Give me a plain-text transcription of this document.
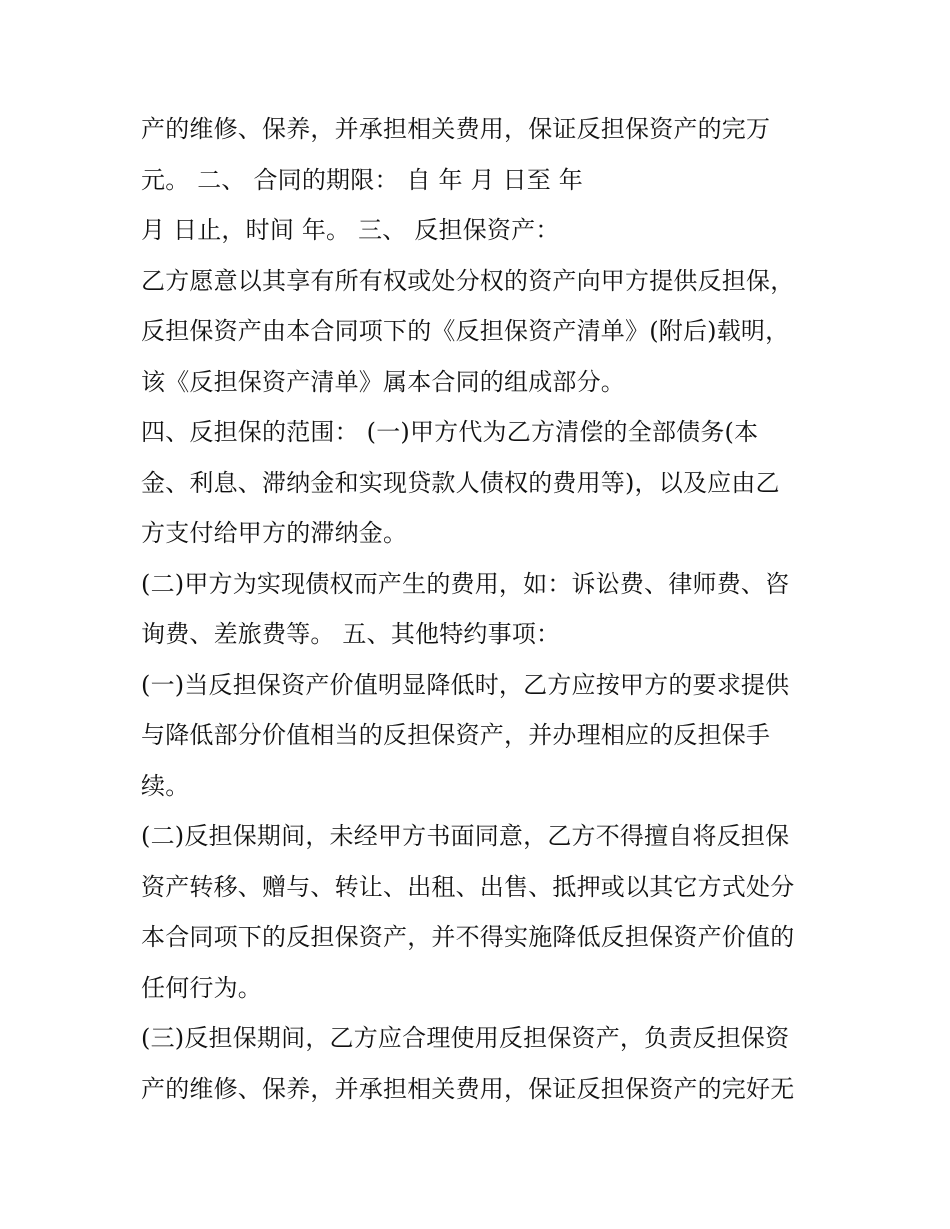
产的维修、保养，并承担相关费用，保证反担保资产的完万
元。 二、 合同的期限： 自 年 月 日至 年
月 日止，时间 年。 三、 反担保资产：
乙方愿意以其享有所有权或处分权的资产向甲方提供反担保，
反担保资产由本合同项下的《反担保资产清单》(附后)载明，
该《反担保资产清单》属本合同的组成部分。
四、反担保的范围： (一)甲方代为乙方清偿的全部债务(本
金、利息、滞纳金和实现贷款人债权的费用等)，以及应由乙
方支付给甲方的滞纳金。
(二)甲方为实现债权而产生的费用，如：诉讼费、律师费、咨
询费、差旅费等。 五、其他特约事项：
(一)当反担保资产价值明显降低时，乙方应按甲方的要求提供
与降低部分价值相当的反担保资产，并办理相应的反担保手
续。
(二)反担保期间，未经甲方书面同意，乙方不得擅自将反担保
资产转移、赠与、转让、出租、出售、抵押或以其它方式处分
本合同项下的反担保资产，并不得实施降低反担保资产价值的
任何行为。
(三)反担保期间，乙方应合理使用反担保资产，负责反担保资
产的维修、保养，并承担相关费用，保证反担保资产的完好无
